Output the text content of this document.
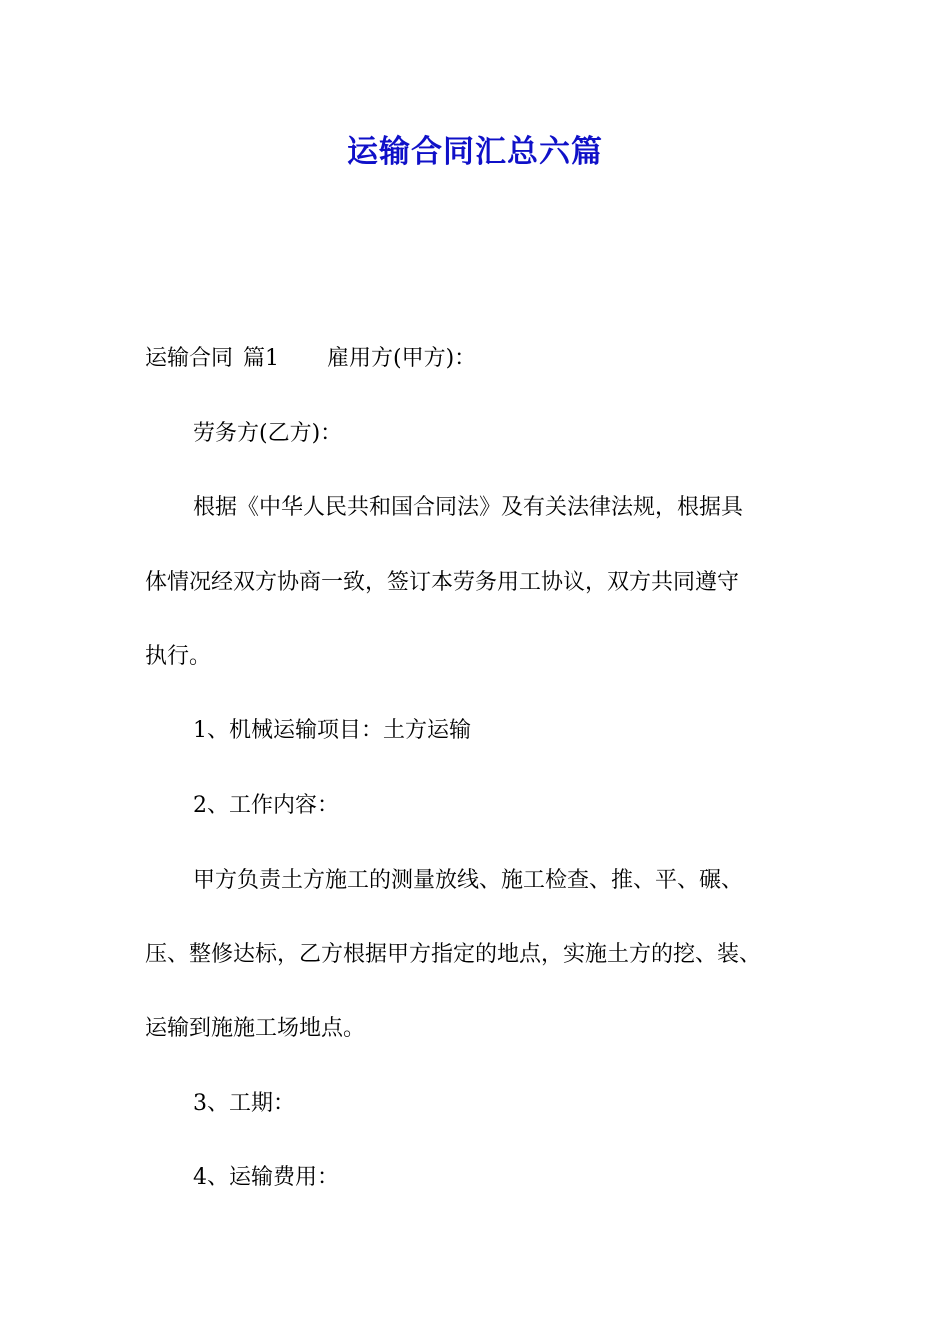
运输合同汇总六篇

运输合同 篇1 雇用方(甲方)：

劳务方(乙方)：

根据《中华人民共和国合同法》及有关法律法规，根据具

体情况经双方协商一致，签订本劳务用工协议，双方共同遵守

执行。

1、机械运输项目：土方运输

2、工作内容：

甲方负责土方施工的测量放线、施工检查、推、平、碾、

压、整修达标，乙方根据甲方指定的地点，实施土方的挖、装、

运输到施施工场地点。

3、工期：

4、运输费用：
